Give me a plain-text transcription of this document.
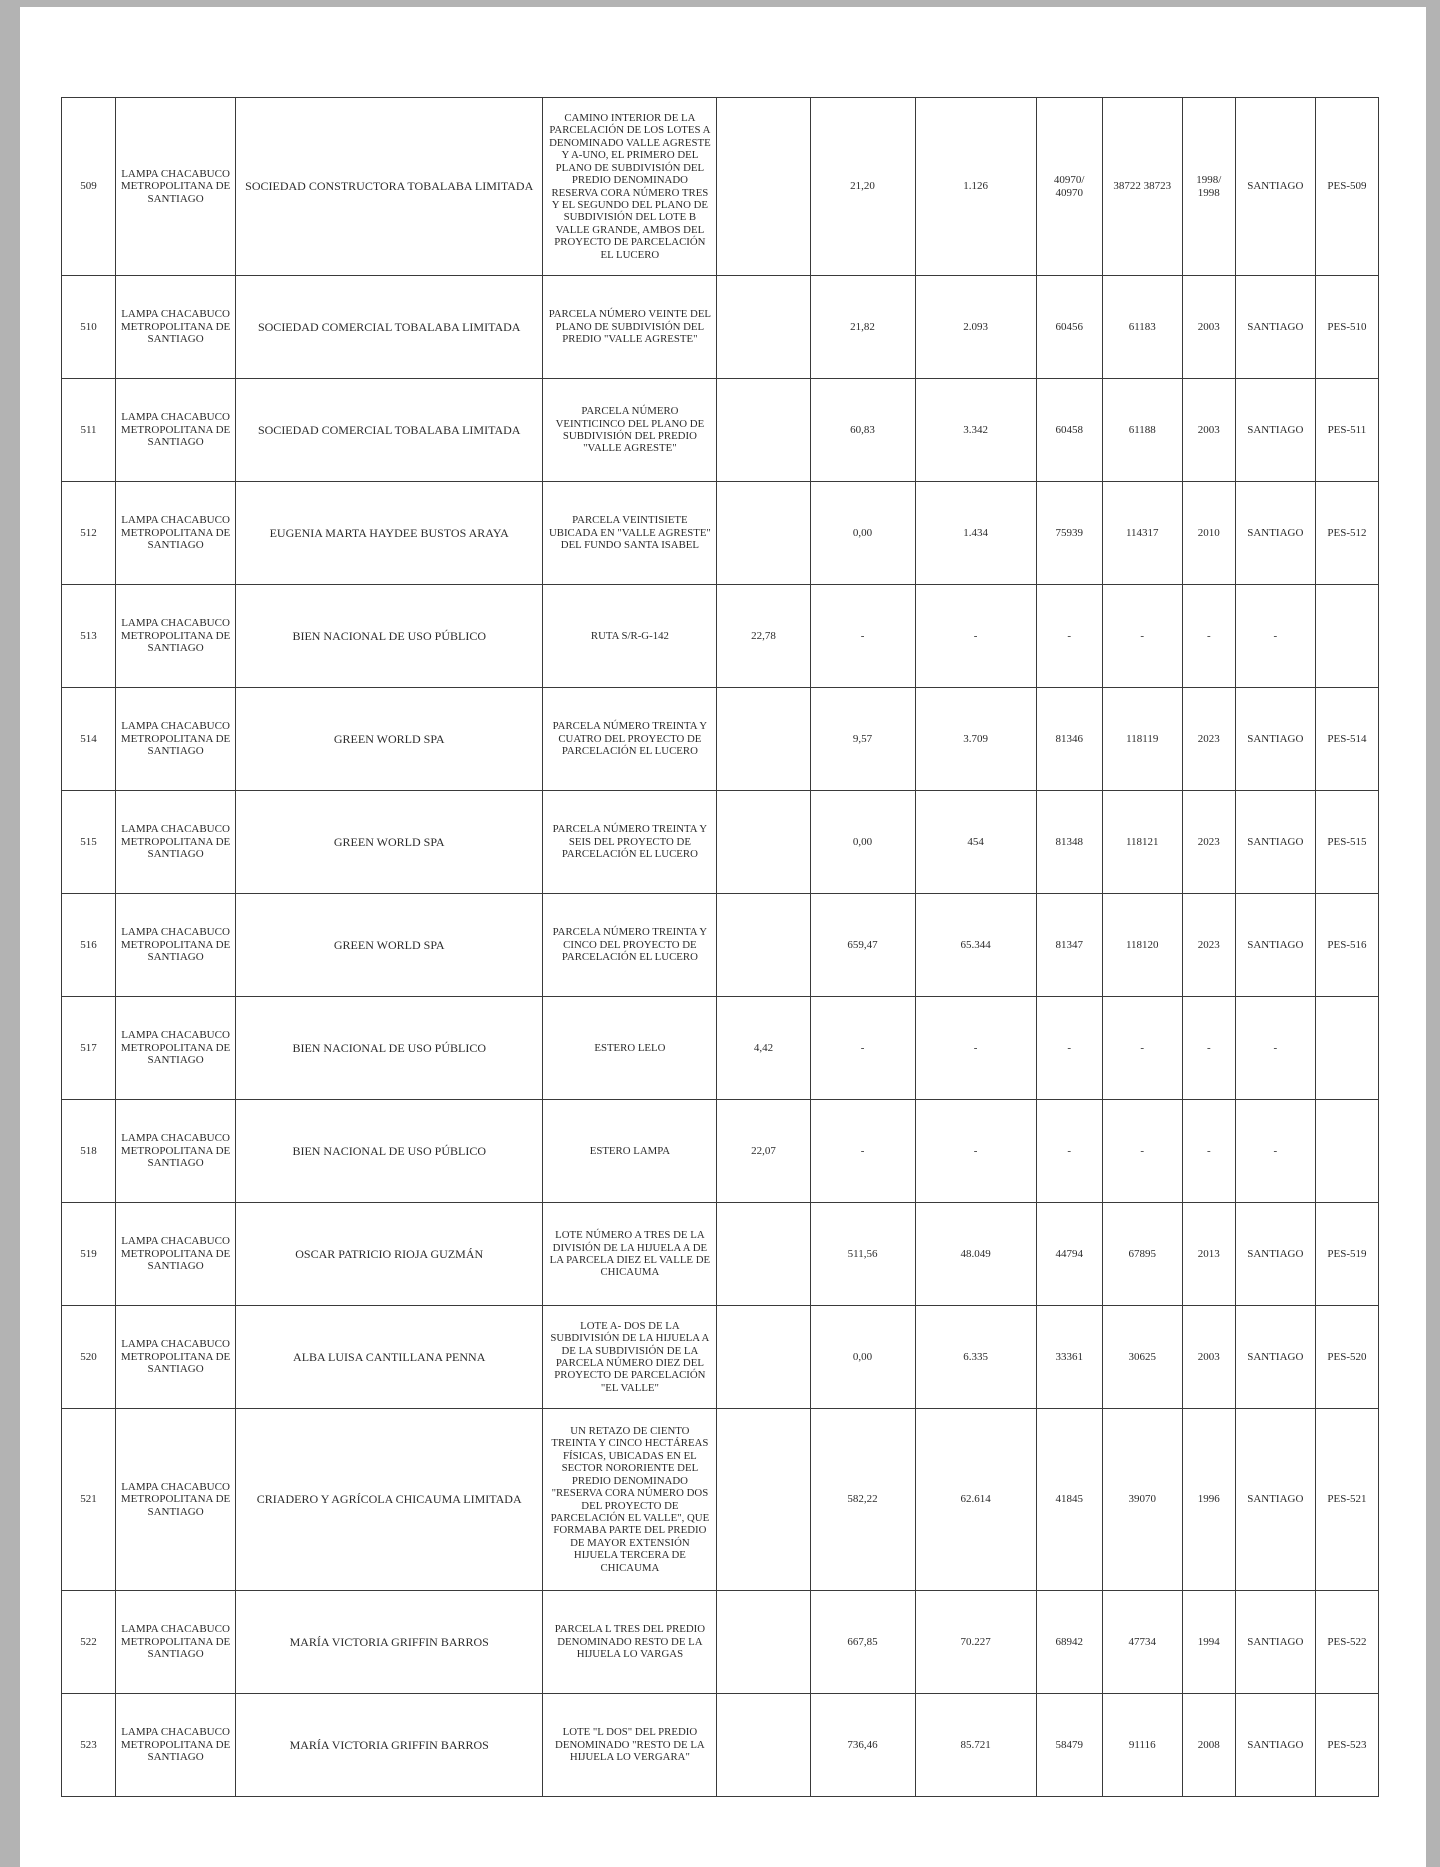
509	LAMPA CHACABUCO METROPOLITANA DE SANTIAGO	SOCIEDAD CONSTRUCTORA TOBALABA LIMITADA	CAMINO INTERIOR DE LA PARCELACIÓN DE LOS LOTES A DENOMINADO VALLE AGRESTE Y A-UNO, EL PRIMERO DEL PLANO DE SUBDIVISIÓN DEL PREDIO DENOMINADO RESERVA CORA NÚMERO TRES Y EL SEGUNDO DEL PLANO DE SUBDIVISIÓN DEL LOTE B VALLE GRANDE, AMBOS DEL PROYECTO DE PARCELACIÓN EL LUCERO		21,20	1.126	40970/ 40970	38722 38723	1998/ 1998	SANTIAGO	PES-509
510	LAMPA CHACABUCO METROPOLITANA DE SANTIAGO	SOCIEDAD COMERCIAL TOBALABA LIMITADA	PARCELA NÚMERO VEINTE DEL PLANO DE SUBDIVISIÓN DEL PREDIO "VALLE AGRESTE"		21,82	2.093	60456	61183	2003	SANTIAGO	PES-510
511	LAMPA CHACABUCO METROPOLITANA DE SANTIAGO	SOCIEDAD COMERCIAL TOBALABA LIMITADA	PARCELA NÚMERO VEINTICINCO DEL PLANO DE SUBDIVISIÓN DEL PREDIO "VALLE AGRESTE"		60,83	3.342	60458	61188	2003	SANTIAGO	PES-511
512	LAMPA CHACABUCO METROPOLITANA DE SANTIAGO	EUGENIA MARTA HAYDEE BUSTOS ARAYA	PARCELA VEINTISIETE UBICADA EN "VALLE AGRESTE" DEL FUNDO SANTA ISABEL		0,00	1.434	75939	114317	2010	SANTIAGO	PES-512
513	LAMPA CHACABUCO METROPOLITANA DE SANTIAGO	BIEN NACIONAL DE USO PÚBLICO	RUTA S/R-G-142	22,78	-	-	-	-	-	-	
514	LAMPA CHACABUCO METROPOLITANA DE SANTIAGO	GREEN WORLD SPA	PARCELA NÚMERO TREINTA Y CUATRO DEL PROYECTO DE PARCELACIÓN EL LUCERO		9,57	3.709	81346	118119	2023	SANTIAGO	PES-514
515	LAMPA CHACABUCO METROPOLITANA DE SANTIAGO	GREEN WORLD SPA	PARCELA NÚMERO TREINTA Y SEIS DEL PROYECTO DE PARCELACIÓN EL LUCERO		0,00	454	81348	118121	2023	SANTIAGO	PES-515
516	LAMPA CHACABUCO METROPOLITANA DE SANTIAGO	GREEN WORLD SPA	PARCELA NÚMERO TREINTA Y CINCO DEL PROYECTO DE PARCELACIÓN EL LUCERO		659,47	65.344	81347	118120	2023	SANTIAGO	PES-516
517	LAMPA CHACABUCO METROPOLITANA DE SANTIAGO	BIEN NACIONAL DE USO PÚBLICO	ESTERO LELO	4,42	-	-	-	-	-	-	
518	LAMPA CHACABUCO METROPOLITANA DE SANTIAGO	BIEN NACIONAL DE USO PÚBLICO	ESTERO LAMPA	22,07	-	-	-	-	-	-	
519	LAMPA CHACABUCO METROPOLITANA DE SANTIAGO	OSCAR PATRICIO RIOJA GUZMÁN	LOTE NÚMERO A TRES DE LA DIVISIÓN DE LA HIJUELA A DE LA PARCELA DIEZ EL VALLE DE CHICAUMA		511,56	48.049	44794	67895	2013	SANTIAGO	PES-519
520	LAMPA CHACABUCO METROPOLITANA DE SANTIAGO	ALBA LUISA CANTILLANA PENNA	LOTE A- DOS DE LA SUBDIVISIÓN DE LA HIJUELA A DE LA SUBDIVISIÓN DE LA PARCELA NÚMERO DIEZ DEL PROYECTO DE PARCELACIÓN "EL VALLE"		0,00	6.335	33361	30625	2003	SANTIAGO	PES-520
521	LAMPA CHACABUCO METROPOLITANA DE SANTIAGO	CRIADERO Y AGRÍCOLA CHICAUMA LIMITADA	UN RETAZO DE CIENTO TREINTA Y CINCO HECTÁREAS FÍSICAS, UBICADAS EN EL SECTOR NORORIENTE DEL PREDIO DENOMINADO "RESERVA CORA NÚMERO DOS DEL PROYECTO DE PARCELACIÓN EL VALLE", QUE FORMABA PARTE DEL PREDIO DE MAYOR EXTENSIÓN HIJUELA TERCERA DE CHICAUMA		582,22	62.614	41845	39070	1996	SANTIAGO	PES-521
522	LAMPA CHACABUCO METROPOLITANA DE SANTIAGO	MARÍA VICTORIA GRIFFIN BARROS	PARCELA L TRES DEL PREDIO DENOMINADO RESTO DE LA HIJUELA LO VARGAS		667,85	70.227	68942	47734	1994	SANTIAGO	PES-522
523	LAMPA CHACABUCO METROPOLITANA DE SANTIAGO	MARÍA VICTORIA GRIFFIN BARROS	LOTE "L DOS" DEL PREDIO DENOMINADO "RESTO DE LA HIJUELA LO VERGARA"		736,46	85.721	58479	91116	2008	SANTIAGO	PES-523
